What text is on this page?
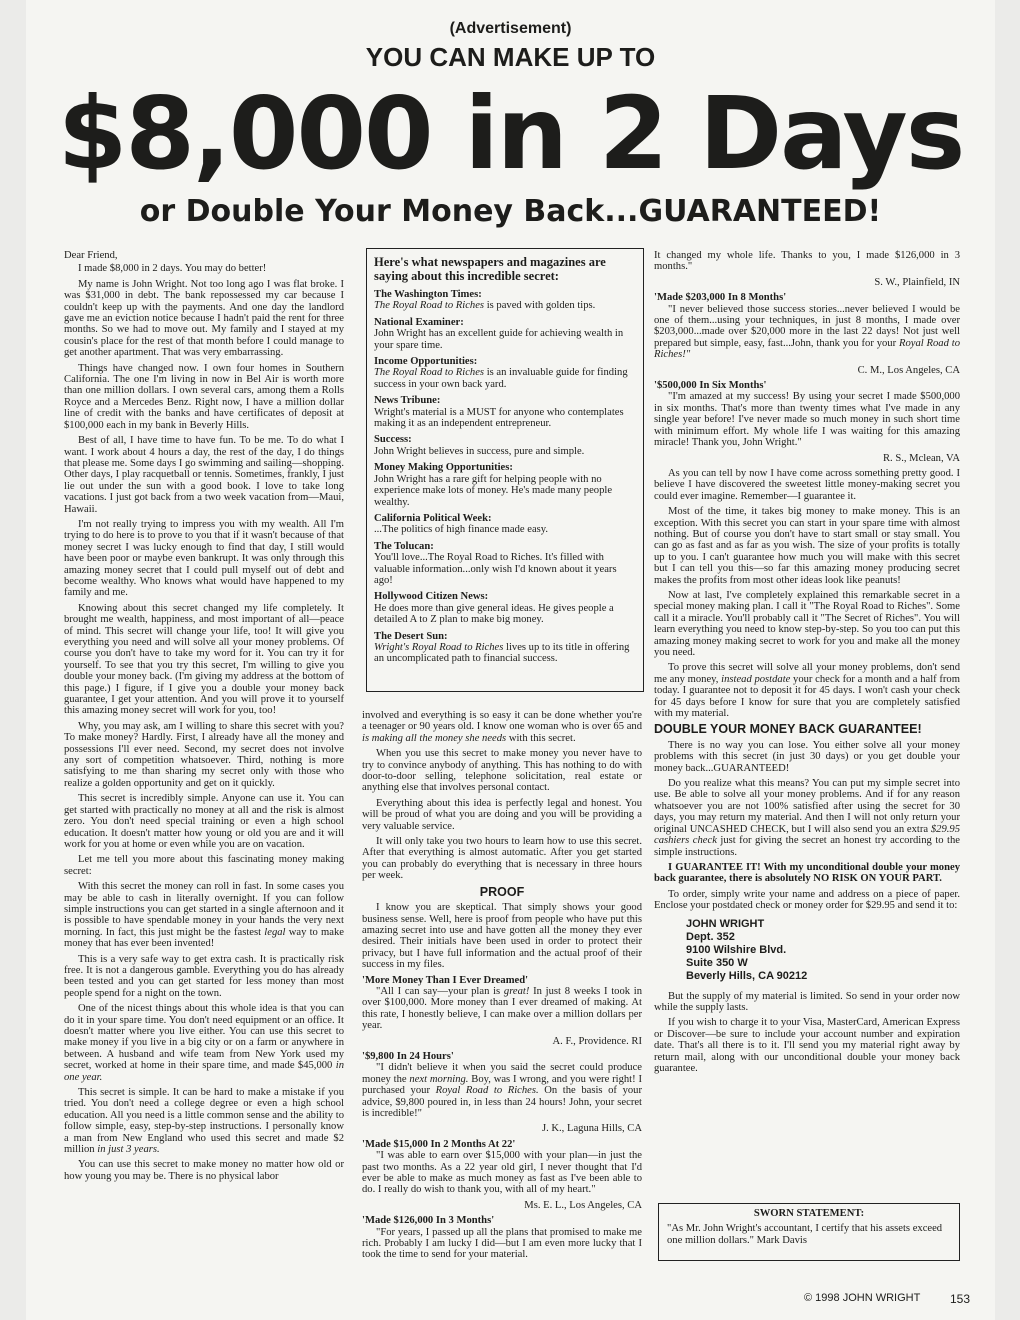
(Advertisement)
YOU CAN MAKE UP TO
$8,000 in 2 Days
or Double Your Money Back...GUARANTEED!

Dear Friend,

I made $8,000 in 2 days. You may do better!

My name is John Wright. Not too long ago I was flat broke. I was $31,000 in debt. The bank repossessed my car because I couldn't keep up with the payments. And one day the landlord gave me an eviction notice because I hadn't paid the rent for three months. So we had to move out. My family and I stayed at my cousin's place for the rest of that month before I could manage to get another apartment. That was very embarrassing.

Things have changed now. I own four homes in Southern California. The one I'm living in now in Bel Air is worth more than one million dollars. I own several cars, among them a Rolls Royce and a Mercedes Benz. Right now, I have a million dollar line of credit with the banks and have certificates of deposit at $100,000 each in my bank in Beverly Hills.

Best of all, I have time to have fun. To be me. To do what I want. I work about 4 hours a day, the rest of the day, I do things that please me. Some days I go swimming and sailing—shopping. Other days, I play racquetball or tennis. Sometimes, frankly, I just lie out under the sun with a good book. I love to take long vacations. I just got back from a two week vacation from—Maui, Hawaii.

I'm not really trying to impress you with my wealth. All I'm trying to do here is to prove to you that if it wasn't because of that money secret I was lucky enough to find that day, I still would have been poor or maybe even bankrupt. It was only through this amazing money secret that I could pull myself out of debt and become wealthy. Who knows what would have happened to my family and me.

Knowing about this secret changed my life completely. It brought me wealth, happiness, and most important of all—peace of mind. This secret will change your life, too! It will give you everything you need and will solve all your money problems. Of course you don't have to take my word for it. You can try it for yourself. To see that you try this secret, I'm willing to give you double your money back. (I'm giving my address at the bottom of this page.) I figure, if I give you a double your money back guarantee, I get your attention. And you will prove it to yourself this amazing money secret will work for you, too!

Why, you may ask, am I willing to share this secret with you? To make money? Hardly. First, I already have all the money and possessions I'll ever need. Second, my secret does not involve any sort of competition whatsoever. Third, nothing is more satisfying to me than sharing my secret only with those who realize a golden opportunity and get on it quickly.

This secret is incredibly simple. Anyone can use it. You can get started with practically no money at all and the risk is almost zero. You don't need special training or even a high school education. It doesn't matter how young or old you are and it will work for you at home or even while you are on vacation.

Let me tell you more about this fascinating money making secret:

With this secret the money can roll in fast. In some cases you may be able to cash in literally overnight. If you can follow simple instructions you can get started in a single afternoon and it is possible to have spendable money in your hands the very next morning. In fact, this just might be the fastest legal way to make money that has ever been invented!

This is a very safe way to get extra cash. It is practically risk free. It is not a dangerous gamble. Everything you do has already been tested and you can get started for less money than most people spend for a night on the town.

One of the nicest things about this whole idea is that you can do it in your spare time. You don't need equipment or an office. It doesn't matter where you live either. You can use this secret to make money if you live in a big city or on a farm or anywhere in between. A husband and wife team from New York used my secret, worked at home in their spare time, and made $45,000 in one year.

This secret is simple. It can be hard to make a mistake if you tried. You don't need a college degree or even a high school education. All you need is a little common sense and the ability to follow simple, easy, step-by-step instructions. I personally know a man from New England who used this secret and made $2 million in just 3 years.

You can use this secret to make money no matter how old or how young you may be. There is no physical labor

Here's what newspapers and magazines are saying about this incredible secret:

The Washington Times:

The Royal Road to Riches is paved with golden tips.

National Examiner:

John Wright has an excellent guide for achieving wealth in your spare time.

Income Opportunities:

The Royal Road to Riches is an invaluable guide for finding success in your own back yard.

News Tribune:

Wright's material is a MUST for anyone who contemplates making it as an independent entrepreneur.

Success:

John Wright believes in success, pure and simple.

Money Making Opportunities:

John Wright has a rare gift for helping people with no experience make lots of money. He's made many people wealthy.

California Political Week:

...The politics of high finance made easy.

The Tolucan:

You'll love...The Royal Road to Riches. It's filled with valuable information...only wish I'd known about it years ago!

Hollywood Citizen News:

He does more than give general ideas. He gives people a detailed A to Z plan to make big money.

The Desert Sun:

Wright's Royal Road to Riches lives up to its title in offering an uncomplicated path to financial success.

involved and everything is so easy it can be done whether you're a teenager or 90 years old. I know one woman who is over 65 and is making all the money she needs with this secret.

When you use this secret to make money you never have to try to convince anybody of anything. This has nothing to do with door-to-door selling, telephone solicitation, real estate or anything else that involves personal contact.

Everything about this idea is perfectly legal and honest. You will be proud of what you are doing and you will be providing a very valuable service.

It will only take you two hours to learn how to use this secret. After that everything is almost automatic. After you get started you can probably do everything that is necessary in three hours per week.

PROOF

I know you are skeptical. That simply shows your good business sense. Well, here is proof from people who have put this amazing secret into use and have gotten all the money they ever desired. Their initials have been used in order to protect their privacy, but I have full information and the actual proof of their success in my files.

'More Money Than I Ever Dreamed'

"All I can say—your plan is great! In just 8 weeks I took in over $100,000. More money than I ever dreamed of making. At this rate, I honestly believe, I can make over a million dollars per year.

A. F., Providence. RI

'$9,800 In 24 Hours'

"I didn't believe it when you said the secret could produce money the next morning. Boy, was I wrong, and you were right! I purchased your Royal Road to Riches. On the basis of your advice, $9,800 poured in, in less than 24 hours! John, your secret is incredible!"

J. K., Laguna Hills, CA

'Made $15,000 In 2 Months At 22'

"I was able to earn over $15,000 with your plan—in just the past two months. As a 22 year old girl, I never thought that I'd ever be able to make as much money as fast as I've been able to do. I really do wish to thank you, with all of my heart."

Ms. E. L., Los Angeles, CA

'Made $126,000 In 3 Months'

"For years, I passed up all the plans that promised to make me rich. Probably I am lucky I did—but I am even more lucky that I took the time to send for your material.

It changed my whole life. Thanks to you, I made $126,000 in 3 months."

S. W., Plainfield, IN

'Made $203,000 In 8 Months'

"I never believed those success stories...never believed I would be one of them...using your techniques, in just 8 months, I made over $203,000...made over $20,000 more in the last 22 days! Not just well prepared but simple, easy, fast...John, thank you for your Royal Road to Riches!"

C. M., Los Angeles, CA

'$500,000 In Six Months'

"I'm amazed at my success! By using your secret I made $500,000 in six months. That's more than twenty times what I've made in any single year before! I've never made so much money in such short time with minimum effort. My whole life I was waiting for this amazing miracle! Thank you, John Wright."

R. S., Mclean, VA

As you can tell by now I have come across something pretty good. I believe I have discovered the sweetest little money-making secret you could ever imagine. Remember—I guarantee it.

Most of the time, it takes big money to make money. This is an exception. With this secret you can start in your spare time with almost nothing. But of course you don't have to start small or stay small. You can go as fast and as far as you wish. The size of your profits is totally up to you. I can't guarantee how much you will make with this secret but I can tell you this—so far this amazing money producing secret makes the profits from most other ideas look like peanuts!

Now at last, I've completely explained this remarkable secret in a special money making plan. I call it "The Royal Road to Riches". Some call it a miracle. You'll probably call it "The Secret of Riches". You will learn everything you need to know step-by-step. So you too can put this amazing money making secret to work for you and make all the money you need.

To prove this secret will solve all your money problems, don't send me any money, instead postdate your check for a month and a half from today. I guarantee not to deposit it for 45 days. I won't cash your check for 45 days before I know for sure that you are completely satisfied with my material.

DOUBLE YOUR MONEY BACK GUARANTEE!

There is no way you can lose. You either solve all your money problems with this secret (in just 30 days) or you get double your money back...GUARANTEED!

Do you realize what this means? You can put my simple secret into use. Be able to solve all your money problems. And if for any reason whatsoever you are not 100% satisfied after using the secret for 30 days, you may return my material. And then I will not only return your original UNCASHED CHECK, but I will also send you an extra $29.95 cashiers check just for giving the secret an honest try according to the simple instructions.

I GUARANTEE IT! With my unconditional double your money back guarantee, there is absolutely NO RISK ON YOUR PART.

To order, simply write your name and address on a piece of paper. Enclose your postdated check or money order for $29.95 and send it to:

JOHN WRIGHT
Dept. 352
9100 Wilshire Blvd.
Suite 350 W
Beverly Hills, CA 90212

But the supply of my material is limited. So send in your order now while the supply lasts.

If you wish to charge it to your Visa, MasterCard, American Express or Discover—be sure to include your account number and expiration date. That's all there is to it. I'll send you my material right away by return mail, along with our unconditional double your money back guarantee.

SWORN STATEMENT:
"As Mr. John Wright's accountant, I certify that his assets exceed one million dollars." Mark Davis
© 1998 JOHN WRIGHT 153
